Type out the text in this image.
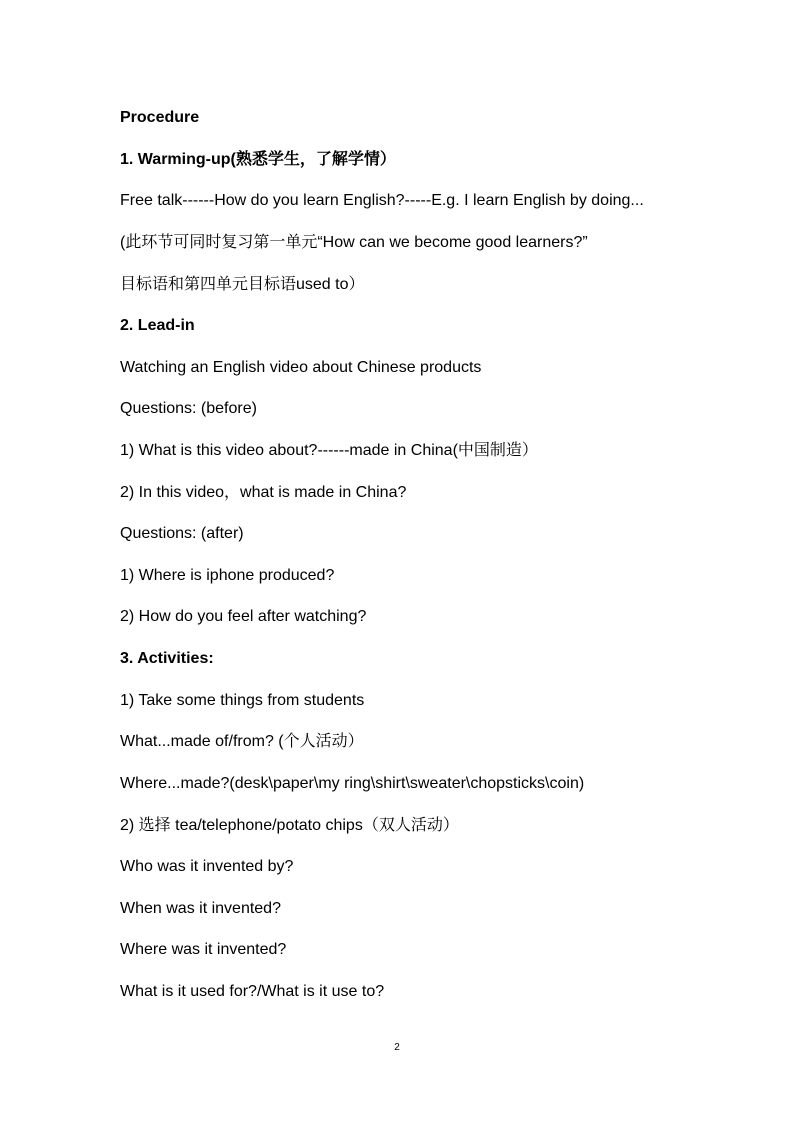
Procedure
1. Warming-up(熟悉学生，了解学情）
Free talk------How do you learn English?-----E.g. I learn English by doing...
(此环节可同时复习第一单元“How can we become good learners?”
目标语和第四单元目标语used to）
2. Lead-in
Watching an English video about Chinese products
Questions: (before)
1) What is this video about?------made in China(中国制造）
2) In this video，what is made in China?
Questions: (after)
1) Where is iphone produced?
2) How do you feel after watching?
3. Activities:
1) Take some things from students
What...made of/from? (个人活动）
Where...made?(desk\paper\my ring\shirt\sweater\chopsticks\coin)
2) 选择 tea/telephone/potato chips（双人活动）
Who was it invented by?
When was it invented?
Where was it invented?
What is it used for?/What is it use to?
2
